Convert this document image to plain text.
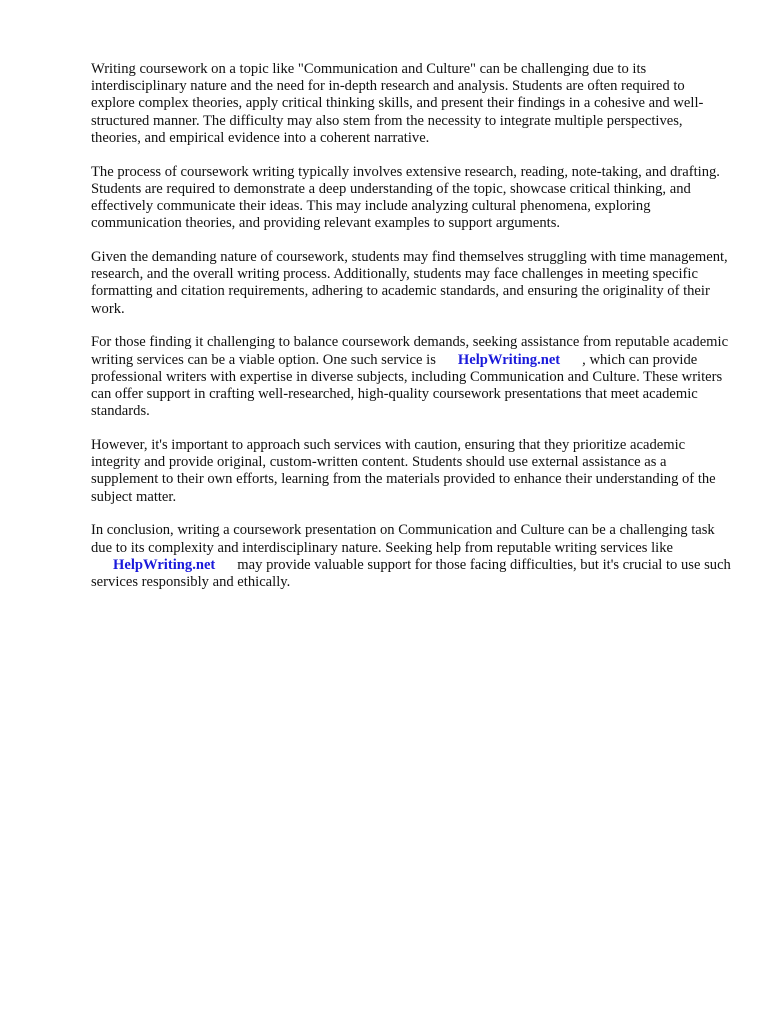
Writing coursework on a topic like "Communication and Culture" can be challenging due to its interdisciplinary nature and the need for in-depth research and analysis. Students are often required to explore complex theories, apply critical thinking skills, and present their findings in a cohesive and well-structured manner. The difficulty may also stem from the necessity to integrate multiple perspectives, theories, and empirical evidence into a coherent narrative.

The process of coursework writing typically involves extensive research, reading, note-taking, and drafting. Students are required to demonstrate a deep understanding of the topic, showcase critical thinking, and effectively communicate their ideas. This may include analyzing cultural phenomena, exploring communication theories, and providing relevant examples to support arguments.

Given the demanding nature of coursework, students may find themselves struggling with time management, research, and the overall writing process. Additionally, students may face challenges in meeting specific formatting and citation requirements, adhering to academic standards, and ensuring the originality of their work.

For those finding it challenging to balance coursework demands, seeking assistance from reputable academic writing services can be a viable option. One such service is HelpWriting.net , which can provide professional writers with expertise in diverse subjects, including Communication and Culture. These writers can offer support in crafting well-researched, high-quality coursework presentations that meet academic standards.

However, it's important to approach such services with caution, ensuring that they prioritize academic integrity and provide original, custom-written content. Students should use external assistance as a supplement to their own efforts, learning from the materials provided to enhance their understanding of the subject matter.

In conclusion, writing a coursework presentation on Communication and Culture can be a challenging task due to its complexity and interdisciplinary nature. Seeking help from reputable writing services likeHelpWriting.net may provide valuable support for those facing difficulties, but it's crucial to use such services responsibly and ethically.
